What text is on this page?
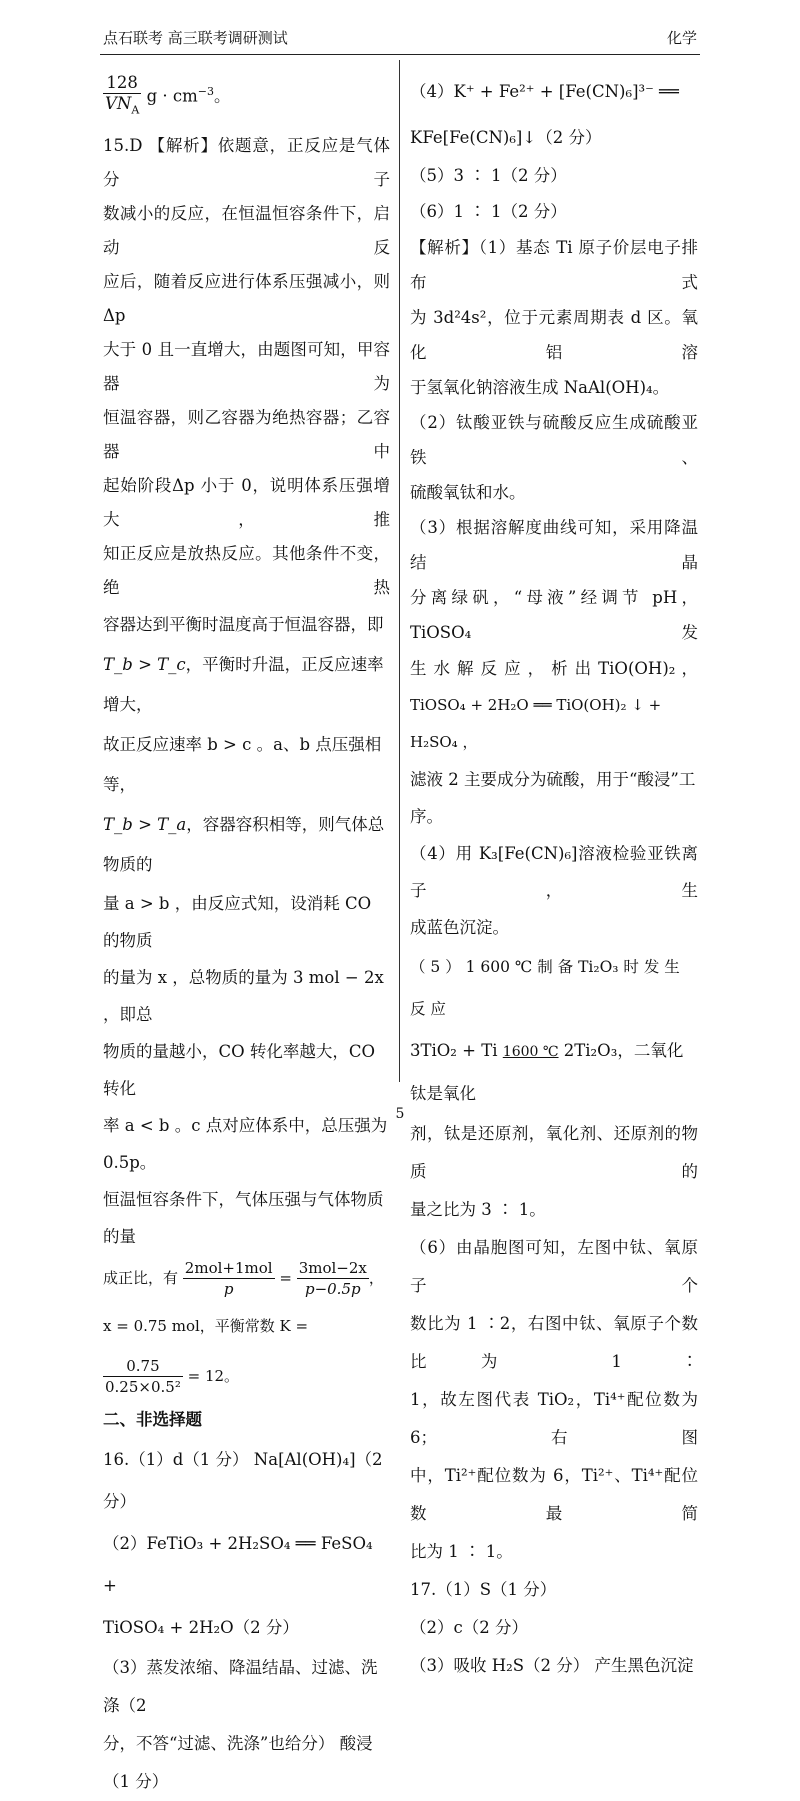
点石联考 高三联考调研测试	化学

$\frac{128}{VN_A}$ $g \cdot cm^{-3}$。

15.D 【解析】依题意，正反应是气体分子

数减小的反应，在恒温恒容条件下，启动反

应后，随着反应进行体系压强减小，则Δp

大于 0 且一直增大，由题图可知，甲容器为

恒温容器，则乙容器为绝热容器；乙容器中

起始阶段Δp 小于 0，说明体系压强增大，推

知正反应是放热反应。其他条件不变，绝热

容器达到平衡时温度高于恒温容器，即

T_b > T_c，平衡时升温，正反应速率增大，

故正反应速率 b > c 。a、b 点压强相等，

T_b > T_a，容器容积相等，则气体总物质的

量 a > b ，由反应式知，设消耗 CO 的物质

的量为 x ，总物质的量为 3 mol − 2x ，即总

物质的量越小，CO 转化率越大，CO 转化

率 a < b 。c 点对应体系中，总压强为 0.5p。

恒温恒容条件下，气体压强与气体物质的量

成正比，有 $\frac{\text{2mol+1mol}}{p} = \frac{\text{3mol−2x}}{p-0.5p}$ ，

x = 0.75 mol，平衡常数 K =
$\frac{0.75}{\text{0.25×0.5²}} = 12$。

二、非选择题

16.（1）d（1 分） Na[Al(OH)₄]（2 分）

（2）FeTiO₃ + 2H₂SO₄ ══ FeSO₄ +

TiOSO₄ + 2H₂O（2 分）

（3）蒸发浓缩、降温结晶、过滤、洗涤（2

分，不答“过滤、洗涤”也给分） 酸浸

（1 分）

（4）K⁺ + Fe²⁺ + [Fe(CN)₆]³⁻ ══

KFe[Fe(CN)₆]↓（2 分）

（5）3 ∶ 1（2 分）

（6）1 ∶ 1（2 分）

【解析】（1）基态 Ti 原子价层电子排布式

为 3d²4s²，位于元素周期表 d 区。氧化铝溶

于氢氧化钠溶液生成 NaAl(OH)₄。

（2）钛酸亚铁与硫酸反应生成硫酸亚铁、

硫酸氧钛和水。

（3）根据溶解度曲线可知，采用降温结晶

分离绿矾，“母液”经调节 pH，TiOSO₄ 发

生 水 解 反 应 ， 析 出 TiO(OH)₂ ，

TiOSO₄ + 2H₂O ══ TiO(OH)₂ ↓ + H₂SO₄ ，

滤液 2 主要成分为硫酸，用于“酸浸”工序。

（4）用 K₃[Fe(CN)₆]溶液检验亚铁离子，生

成蓝色沉淀。

（ 5 ） 1 600 ℃ 制 备 Ti₂O₃ 时 发 生 反 应

3TiO₂ + Ti 1600 ℃ 2Ti₂O₃，二氧化钛是氧化

剂，钛是还原剂，氧化剂、还原剂的物质的

量之比为 3 ∶ 1。

（6）由晶胞图可知，左图中钛、氧原子个

数比为 1 ∶2，右图中钛、氧原子个数比为 1 ∶

1，故左图代表 TiO₂，Ti⁴⁺配位数为 6；右图

中，Ti²⁺配位数为 6，Ti²⁺、Ti⁴⁺配位数最简

比为 1 ∶ 1。

17.（1）S（1 分）

（2）c（2 分）

（3）吸收 H₂S（2 分） 产生黑色沉淀

5
